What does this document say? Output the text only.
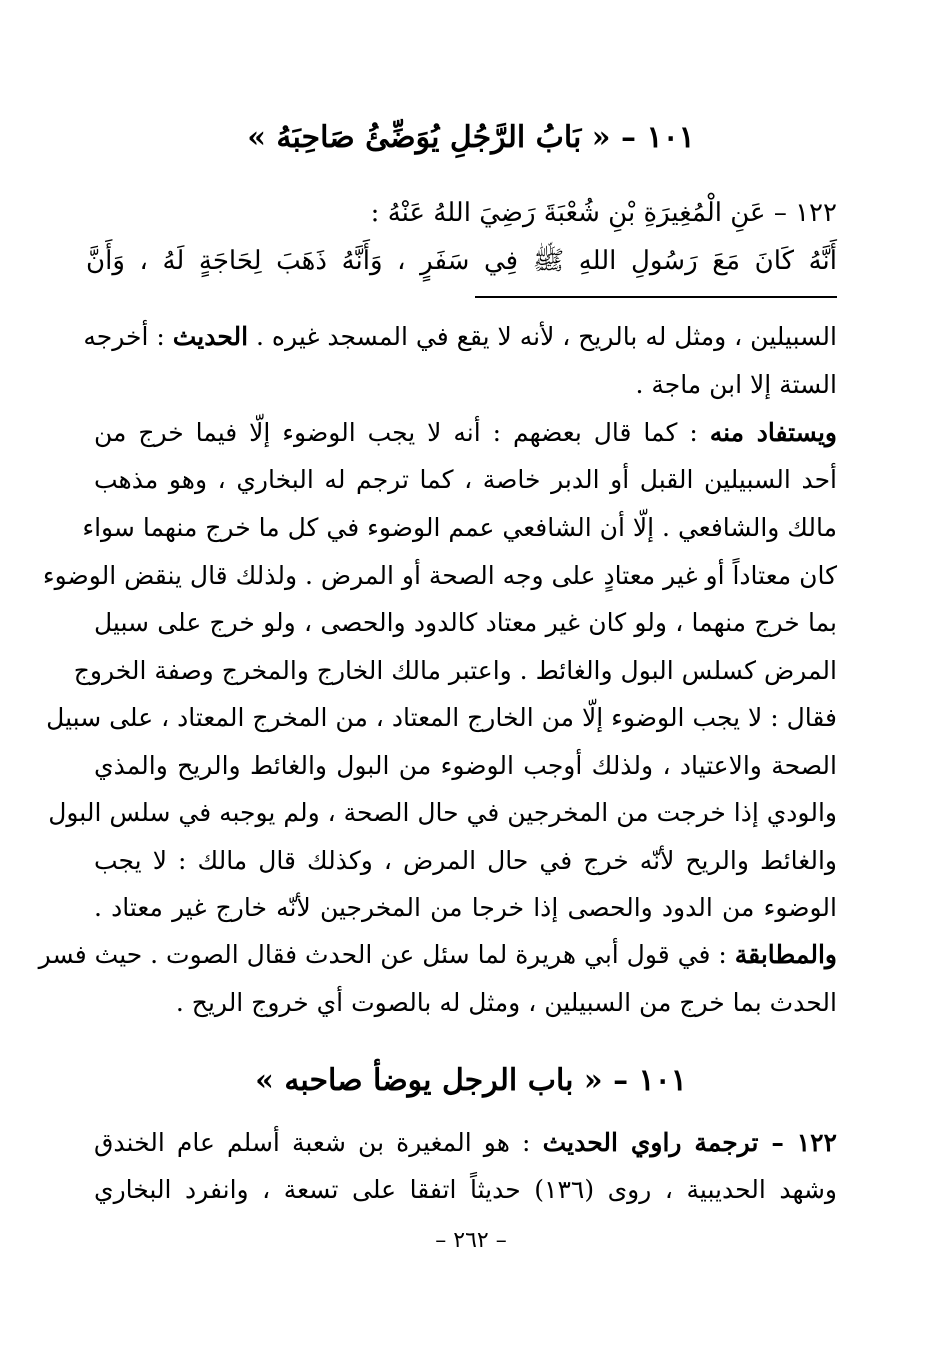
١٠١ – « بَابُ الرَّجُلِ يُوَضِّئُ صَاحِبَهُ »
١٢٢ – عَنِ الْمُغِيرَةِ بْنِ شُعْبَةَ رَضِيَ اللهُ عَنْهُ :
أَنَّهُ كَانَ مَعَ رَسُولِ اللهِ ﷺ فِي سَفَرٍ ، وَأَنَّهُ ذَهَبَ لِحَاجَةٍ لَهُ ، وَأَنَّ
السبيلين ، ومثل له بالريح ، لأنه لا يقع في المسجد غيره . الحديث : أخرجه
الستة إلا ابن ماجة .
ويستفاد منه : كما قال بعضهم : أنه لا يجب الوضوء إلّا فيما خرج من
أحد السبيلين القبل أو الدبر خاصة ، كما ترجم له البخاري ، وهو مذهب
مالك والشافعي . إلّا أن الشافعي عمم الوضوء في كل ما خرج منهما سواء
كان معتاداً أو غير معتادٍ على وجه الصحة أو المرض . ولذلك قال ينقض الوضوء
بما خرج منهما ، ولو كان غير معتاد كالدود والحصى ، ولو خرج على سبيل
المرض كسلس البول والغائط . واعتبر مالك الخارج والمخرج وصفة الخروج
فقال : لا يجب الوضوء إلّا من الخارج المعتاد ، من المخرج المعتاد ، على سبيل
الصحة والاعتياد ، ولذلك أوجب الوضوء من البول والغائط والريح والمذي
والودي إذا خرجت من المخرجين في حال الصحة ، ولم يوجبه في سلس البول
والغائط والريح لأنّه خرج في حال المرض ، وكذلك قال مالك : لا يجب
الوضوء من الدود والحصى إذا خرجا من المخرجين لأنّه خارج غير معتاد .
والمطابقة : في قول أبي هريرة لما سئل عن الحدث فقال الصوت . حيث فسر
الحدث بما خرج من السبيلين ، ومثل له بالصوت أي خروج الريح .
١٠١ – « باب الرجل يوضأ صاحبه »
١٢٢ – ترجمة راوي الحديث : هو المغيرة بن شعبة أسلم عام الخندق
وشهد الحديبية ، روى (١٣٦) حديثاً اتفقا على تسعة ، وانفرد البخاري
– ٢٦٢ –
